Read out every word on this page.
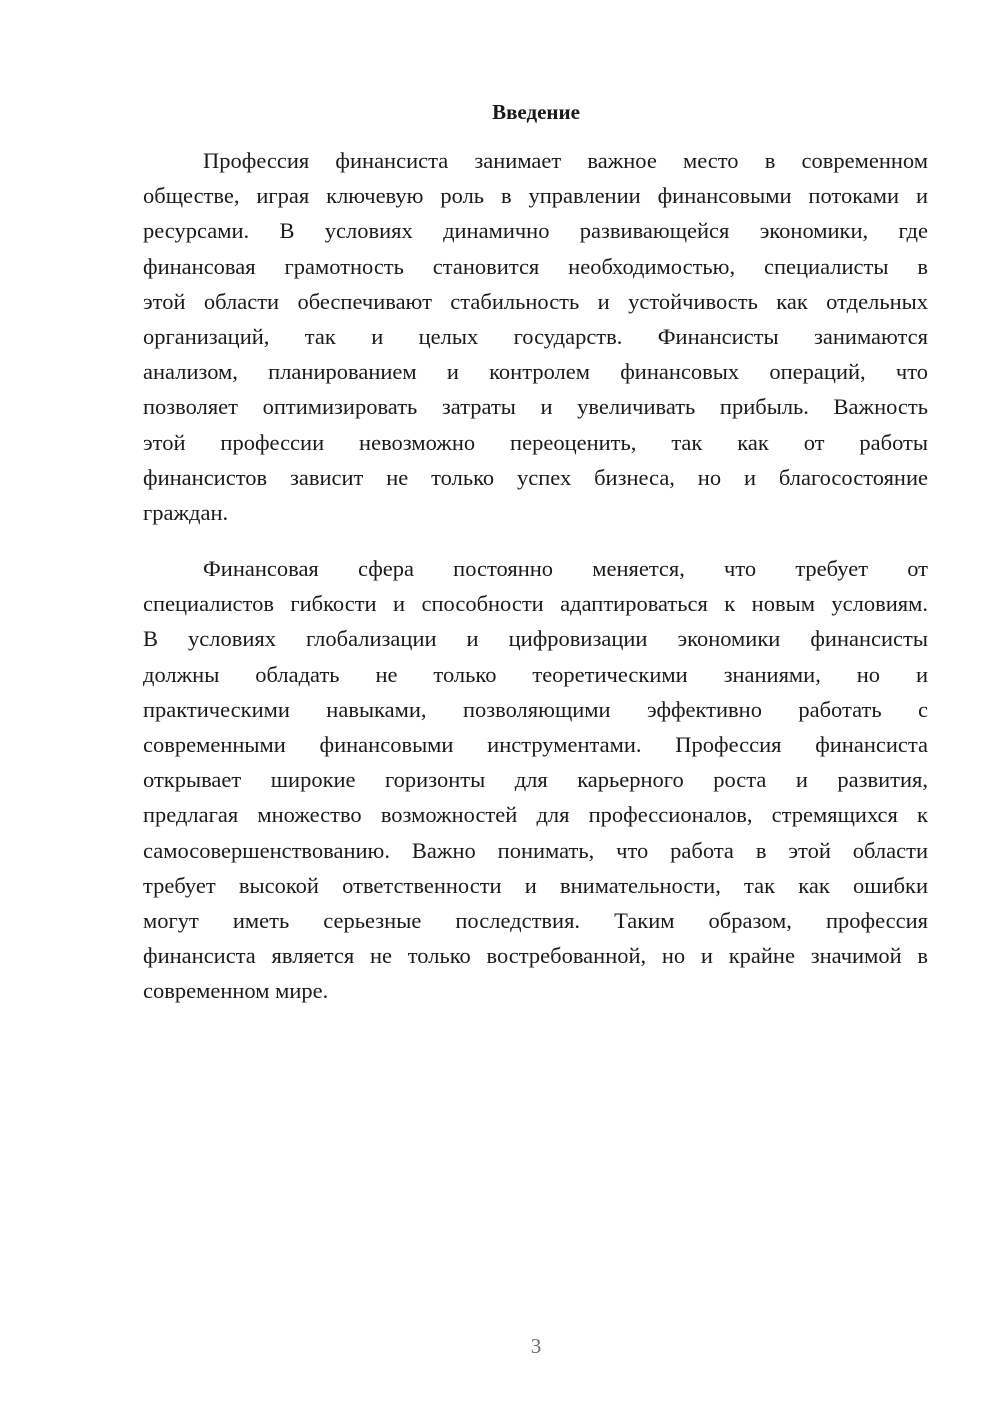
Введение
Профессия финансиста занимает важное место в современном
обществе, играя ключевую роль в управлении финансовыми потоками и
ресурсами. В условиях динамично развивающейся экономики, где
финансовая грамотность становится необходимостью, специалисты в
этой области обеспечивают стабильность и устойчивость как отдельных
организаций, так и целых государств. Финансисты занимаются
анализом, планированием и контролем финансовых операций, что
позволяет оптимизировать затраты и увеличивать прибыль. Важность
этой профессии невозможно переоценить, так как от работы
финансистов зависит не только успех бизнеса, но и благосостояние
граждан.
Финансовая сфера постоянно меняется, что требует от
специалистов гибкости и способности адаптироваться к новым условиям.
В условиях глобализации и цифровизации экономики финансисты
должны обладать не только теоретическими знаниями, но и
практическими навыками, позволяющими эффективно работать с
современными финансовыми инструментами. Профессия финансиста
открывает широкие горизонты для карьерного роста и развития,
предлагая множество возможностей для профессионалов, стремящихся к
самосовершенствованию. Важно понимать, что работа в этой области
требует высокой ответственности и внимательности, так как ошибки
могут иметь серьезные последствия. Таким образом, профессия
финансиста является не только востребованной, но и крайне значимой в
современном мире.
3
